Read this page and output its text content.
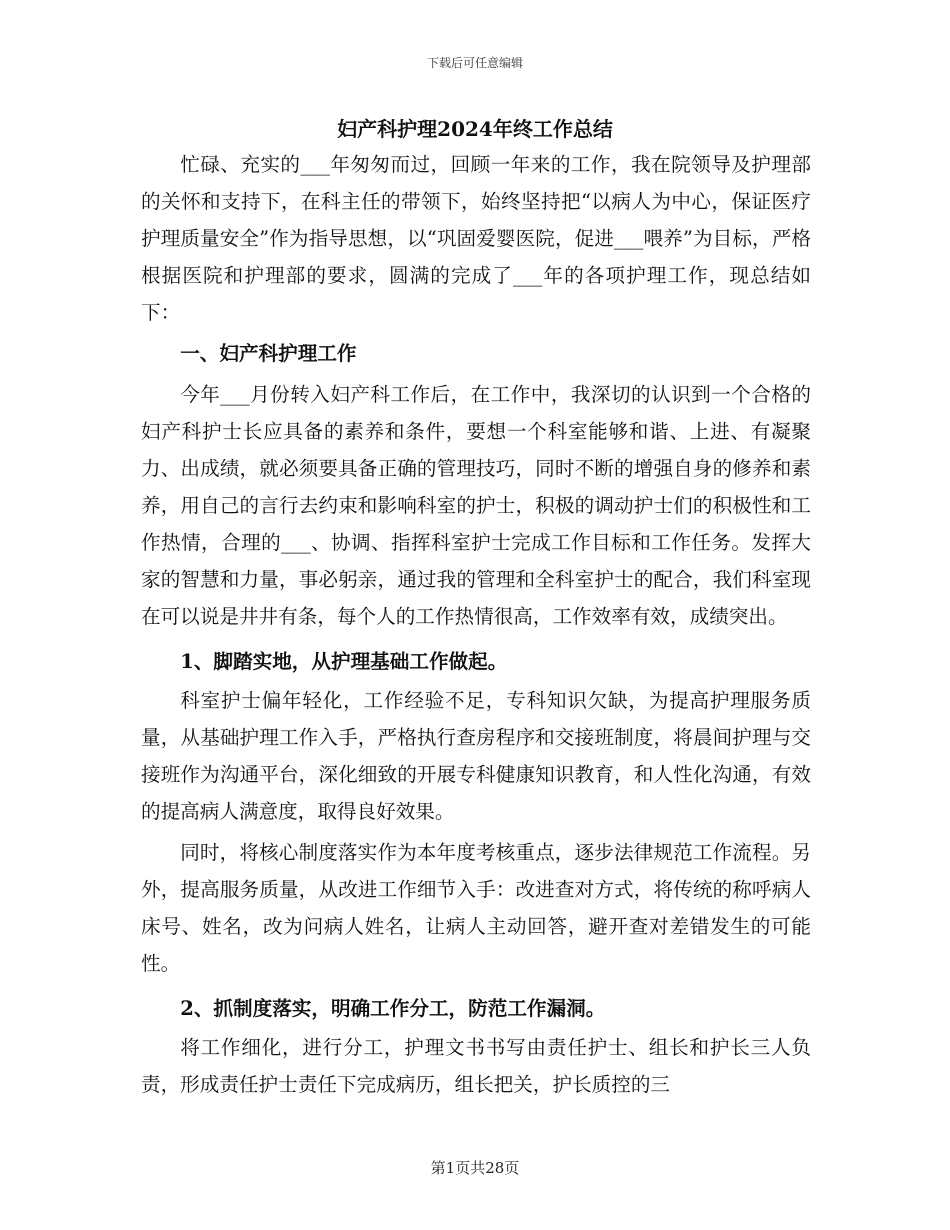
下载后可任意编辑
妇产科护理2024年终工作总结

忙碌、充实的___年匆匆而过，回顾一年来的工作，我在院领导及护理部的关怀和支持下，在科主任的带领下，始终坚持把“以病人为中心，保证医疗护理质量安全”作为指导思想，以“巩固爱婴医院，促进___喂养”为目标，严格根据医院和护理部的要求，圆满的完成了___年的各项护理工作，现总结如下：

一、妇产科护理工作

今年___月份转入妇产科工作后，在工作中，我深切的认识到一个合格的妇产科护士长应具备的素养和条件，要想一个科室能够和谐、上进、有凝聚力、出成绩，就必须要具备正确的管理技巧，同时不断的增强自身的修养和素养，用自己的言行去约束和影响科室的护士，积极的调动护士们的积极性和工作热情，合理的___、协调、指挥科室护士完成工作目标和工作任务。发挥大家的智慧和力量，事必躬亲，通过我的管理和全科室护士的配合，我们科室现在可以说是井井有条，每个人的工作热情很高，工作效率有效，成绩突出。

1、脚踏实地，从护理基础工作做起。

科室护士偏年轻化，工作经验不足，专科知识欠缺，为提高护理服务质量，从基础护理工作入手，严格执行查房程序和交接班制度，将晨间护理与交接班作为沟通平台，深化细致的开展专科健康知识教育，和人性化沟通，有效的提高病人满意度，取得良好效果。

同时，将核心制度落实作为本年度考核重点，逐步法律规范工作流程。另外，提高服务质量，从改进工作细节入手：改进查对方式，将传统的称呼病人床号、姓名，改为问病人姓名，让病人主动回答，避开查对差错发生的可能性。

2、抓制度落实，明确工作分工，防范工作漏洞。

将工作细化，进行分工，护理文书书写由责任护士、组长和护长三人负责，形成责任护士责任下完成病历，组长把关，护长质控的三

第1页共28页
